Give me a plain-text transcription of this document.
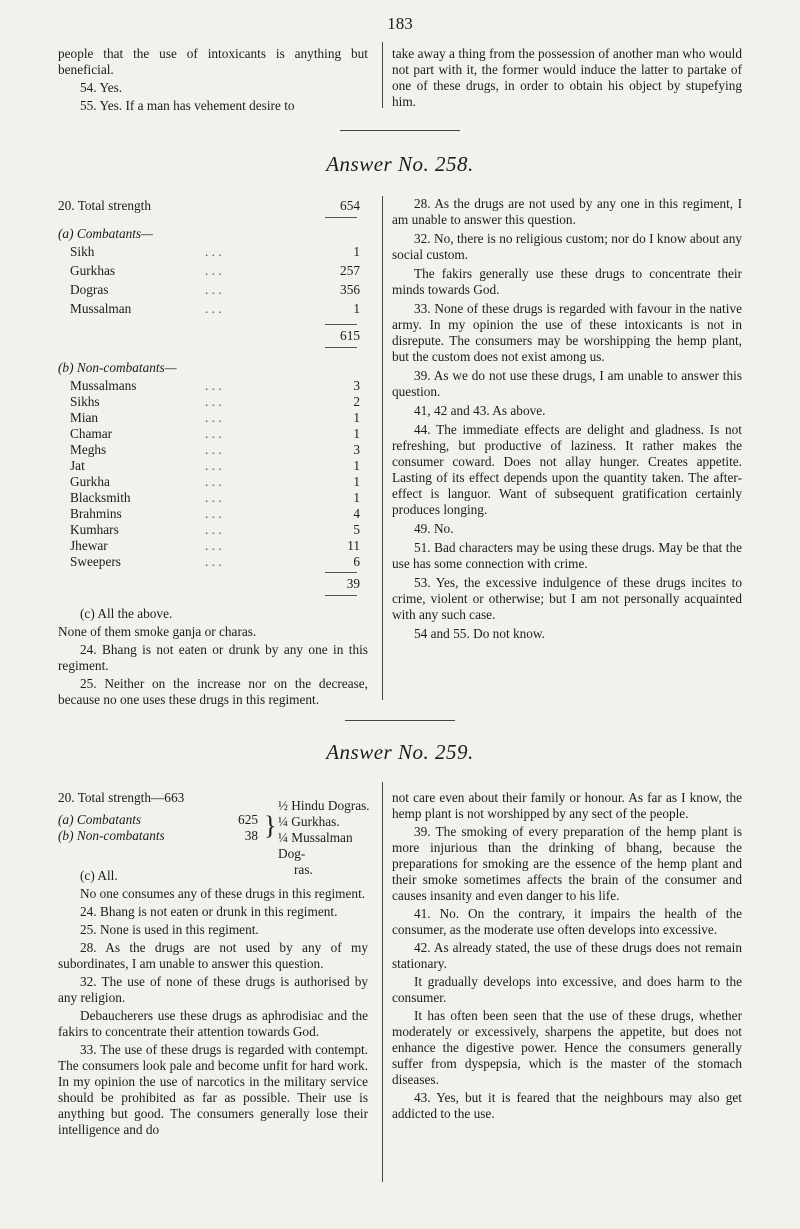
183

people that the use of intoxicants is anything but beneficial.

54. Yes.

55. Yes. If a man has vehement desire to

take away a thing from the possession of another man who would not part with it, the former would induce the latter to partake of one of these drugs, in order to obtain his object by stupefying him.

Answer No. 258.
20. Total strength	654
(a) Combatants—
Sikh	. . .	1
Gurkhas	. . .	257
Dogras	. . .	356
Mussalman	. . .	1
615
(b) Non-combatants—
Mussalmans	. . .	3
Sikhs	. . .	2
Mian	. . .	1
Chamar	. . .	1
Meghs	. . .	3
Jat	. . .	1
Gurkha	. . .	1
Blacksmith	. . .	1
Brahmins	. . .	4
Kumhars	. . .	5
Jhewar	. . .	11
Sweepers	. . .	6
39

(c) All the above.

None of them smoke ganja or charas.

24. Bhang is not eaten or drunk by any one in this regiment.

25. Neither on the increase nor on the decrease, because no one uses these drugs in this regiment.

28. As the drugs are not used by any one in this regiment, I am unable to answer this question.

32. No, there is no religious custom; nor do I know about any social custom.

The fakirs generally use these drugs to concentrate their minds towards God.

33. None of these drugs is regarded with favour in the native army. In my opinion the use of these intoxicants is not in disrepute. The consumers may be worshipping the hemp plant, but the custom does not exist among us.

39. As we do not use these drugs, I am unable to answer this question.

41, 42 and 43. As above.

44. The immediate effects are delight and gladness. Is not refreshing, but productive of laziness. It rather makes the consumer coward. Does not allay hunger. Creates appetite. Lasting of its effect depends upon the quantity taken. The after-effect is languor. Want of subsequent gratification certainly produces longing.

49. No.

51. Bad characters may be using these drugs. May be that the use has some connection with crime.

53. Yes, the excessive indulgence of these drugs incites to crime, violent or otherwise; but I am not personally acquainted with any such case.

54 and 55. Do not know.

Answer No. 259.
20. Total strength—663
(a) Combatants	625
(b) Non-combatants	38 }

½ Hindu Dogras.

¼ Gurkhas.

¼ Mussalman Dog-

ras.

(c) All.

No one consumes any of these drugs in this regiment.

24. Bhang is not eaten or drunk in this regiment.

25. None is used in this regiment.

28. As the drugs are not used by any of my subordinates, I am unable to answer this question.

32. The use of none of these drugs is authorised by any religion.

Debaucherers use these drugs as aphrodisiac and the fakirs to concentrate their attention towards God.

33. The use of these drugs is regarded with contempt. The consumers look pale and become unfit for hard work. In my opinion the use of narcotics in the military service should be prohibited as far as possible. Their use is anything but good. The consumers generally lose their intelligence and do

not care even about their family or honour. As far as I know, the hemp plant is not worshipped by any sect of the people.

39. The smoking of every preparation of the hemp plant is more injurious than the drinking of bhang, because the preparations for smoking are the essence of the hemp plant and their smoke sometimes affects the brain of the consumer and causes insanity and even danger to his life.

41. No. On the contrary, it impairs the health of the consumer, as the moderate use often develops into excessive.

42. As already stated, the use of these drugs does not remain stationary.

It gradually develops into excessive, and does harm to the consumer.

It has often been seen that the use of these drugs, whether moderately or excessively, sharpens the appetite, but does not enhance the digestive power. Hence the consumers generally suffer from dyspepsia, which is the master of the stomach diseases.

43. Yes, but it is feared that the neighbours may also get addicted to the use.
